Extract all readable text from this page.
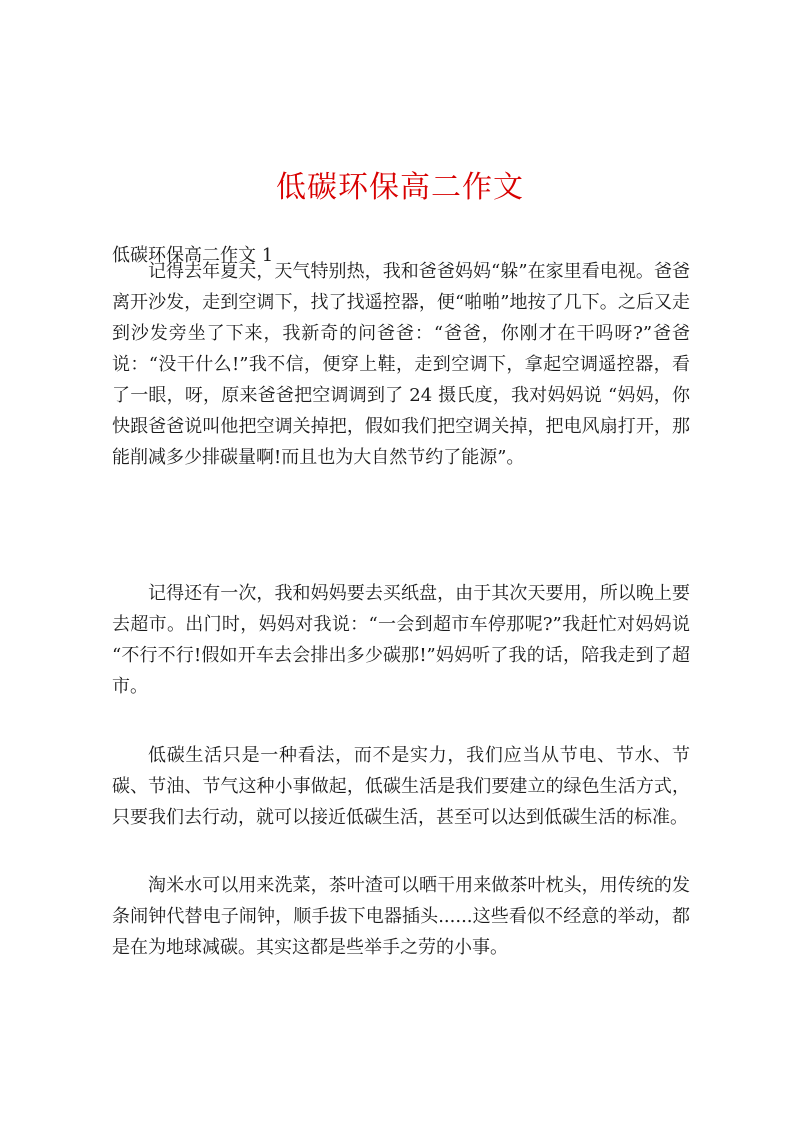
低碳环保高二作文
低碳环保高二作文 1

记得去年夏天，天气特别热，我和爸爸妈妈“躲”在家里看电视。爸爸离开沙发，走到空调下，找了找遥控器，便“啪啪”地按了几下。之后又走到沙发旁坐了下来，我新奇的问爸爸：“爸爸，你刚才在干吗呀?”爸爸说：“没干什么!”我不信，便穿上鞋，走到空调下，拿起空调遥控器，看了一眼，呀，原来爸爸把空调调到了 24 摄氏度，我对妈妈说 “妈妈，你快跟爸爸说叫他把空调关掉把，假如我们把空调关掉，把电风扇打开，那能削减多少排碳量啊!而且也为大自然节约了能源”。

记得还有一次，我和妈妈要去买纸盘，由于其次天要用，所以晚上要去超市。出门时，妈妈对我说：“一会到超市车停那呢?”我赶忙对妈妈说 “不行不行!假如开车去会排出多少碳那!”妈妈听了我的话，陪我走到了超市。

低碳生活只是一种看法，而不是实力，我们应当从节电、节水、节碳、节油、节气这种小事做起，低碳生活是我们要建立的绿色生活方式，只要我们去行动，就可以接近低碳生活，甚至可以达到低碳生活的标准。

淘米水可以用来洗菜，茶叶渣可以晒干用来做茶叶枕头，用传统的发条闹钟代替电子闹钟，顺手拔下电器插头......这些看似不经意的举动，都是在为地球减碳。其实这都是些举手之劳的小事。
